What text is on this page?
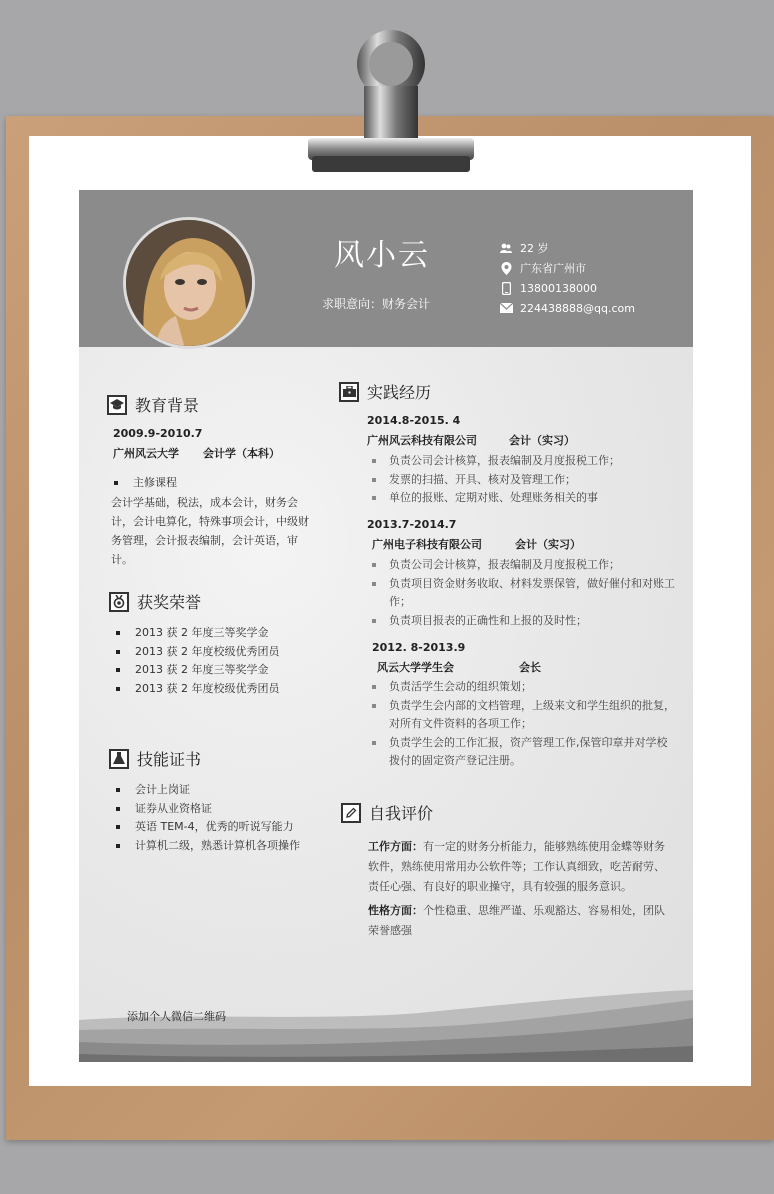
风小云
求职意向：财务会计
22 岁
广东省广州市
13800138000
224438888@qq.com
教育背景
2009.9-2010.7
广州风云大学 会计学（本科）
主修课程
会计学基础，税法，成本会计，财务会计，会计电算化，特殊事项会计，中级财务管理，会计报表编制，会计英语，审计。
获奖荣誉
2013 获 2 年度三等奖学金
2013 获 2 年度校级优秀团员
2013 获 2 年度三等奖学金
2013 获 2 年度校级优秀团员
技能证书
会计上岗证
证券从业资格证
英语 TEM-4，优秀的听说写能力
计算机二级，熟悉计算机各项操作
实践经历
2014.8-2015. 4
广州风云科技有限公司	会计（实习）
负责公司会计核算，报表编制及月度报税工作；
发票的扫描、开具、核对及管理工作；
单位的报账、定期对账、处理账务相关的事
2013.7-2014.7
广州电子科技有限公司	会计（实习）
负责公司会计核算，报表编制及月度报税工作；
负责项目资金财务收取、材料发票保管，做好催付和对账工作；
负责项目报表的正确性和上报的及时性；
2012. 8-2013.9
风云大学学生会	会长
负责活学生会动的组织策划；
负责学生会内部的文档管理，上级来文和学生组织的批复，对所有文件资料的各项工作；
负责学生会的工作汇报，资产管理工作,保管印章并对学校拨付的固定资产登记注册。
自我评价
工作方面：有一定的财务分析能力，能够熟练使用金蝶等财务软件，熟练使用常用办公软件等；工作认真细致，吃苦耐劳、责任心强、有良好的职业操守，具有较强的服务意识。
性格方面：个性稳重、思维严谨、乐观豁达、容易相处，团队荣誉感强
添加个人微信二维码
